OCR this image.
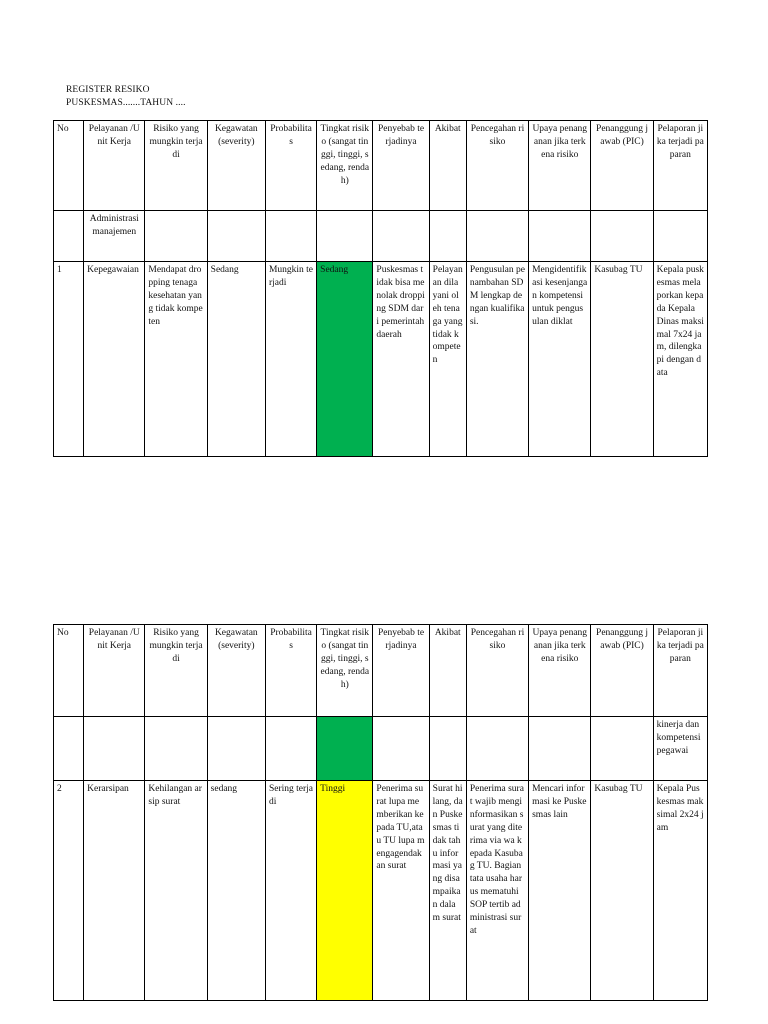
REGISTER RESIKO
PUSKESMAS.......TAHUN ....
No	Pelayanan /Unit Kerja	Risiko yang mungkin terjadi	Kegawatan (severity)	Probabilitas	Tingkat risiko (sangat tinggi, tinggi, sedang, rendah)	Penyebab terjadinya	Akibat	Pencegahan risiko	Upaya penanganan jika terkena risiko	Penanggung jawab (PIC)	Pelaporan jika terjadi paparan
	Administrasi manajemen										
1	Kepegawaian	Mendapat dropping tenaga kesehatan yang tidak kompeten	Sedang	Mungkin terjadi	Sedang	Puskesmas tidak bisa menolak dropping SDM dari pemerintah daerah	Pelayanan dilayani oleh tenaga yang tidak kompeten	Pengusulan penambahan SDM lengkap dengan kualifikasi.	Mengidentifikasi kesenjangan kompetensi untuk pengusulan diklat	Kasubag TU	Kepala puskesmas melaporkan kepada Kepala Dinas maksimal 7x24 jam, dilengkapi dengan data
No	Pelayanan /Unit Kerja	Risiko yang mungkin terjadi	Kegawatan (severity)	Probabilitas	Tingkat risiko (sangat tinggi, tinggi, sedang, rendah)	Penyebab terjadinya	Akibat	Pencegahan risiko	Upaya penanganan jika terkena risiko	Penanggung jawab (PIC)	Pelaporan jika terjadi paparan
											kinerja dan kompetensi pegawai
2	Kerarsipan	Kehilangan arsip surat	sedang	Sering terjadi	Tinggi	Penerima surat lupa memberikan kepada TU,atau TU lupa mengagendakan surat	Surat hilang, dan Puskesmas tidak tahu informasi yang disampaikan dalam surat	Penerima surat wajib menginformasikan surat yang diterima via wa kepada Kasubag TU. Bagian tata usaha harus mematuhi SOP tertib administrasi surat	Mencari informasi ke Puskesmas lain	Kasubag TU	Kepala Puskesmas maksimal 2x24 jam
